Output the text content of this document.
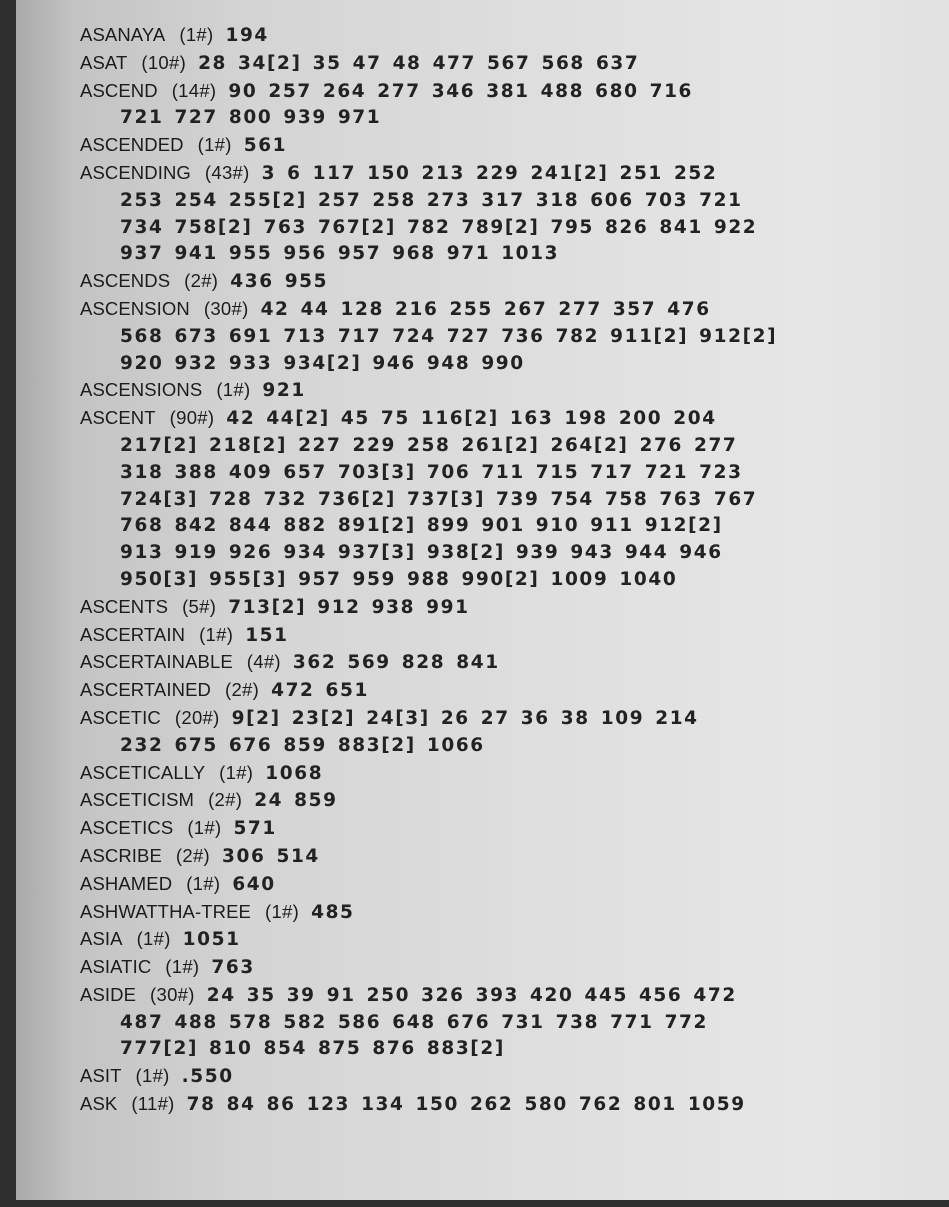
ASANAYA (1#) 194
ASAT (10#) 28 34[2] 35 47 48 477 567 568 637
ASCEND (14#) 90 257 264 277 346 381 488 680 716
721 727 800 939 971
ASCENDED (1#) 561
ASCENDING (43#) 3 6 117 150 213 229 241[2] 251 252
253 254 255[2] 257 258 273 317 318 606 703 721
734 758[2] 763 767[2] 782 789[2] 795 826 841 922
937 941 955 956 957 968 971 1013
ASCENDS (2#) 436 955
ASCENSION (30#) 42 44 128 216 255 267 277 357 476
568 673 691 713 717 724 727 736 782 911[2] 912[2]
920 932 933 934[2] 946 948 990
ASCENSIONS (1#) 921
ASCENT (90#) 42 44[2] 45 75 116[2] 163 198 200 204
217[2] 218[2] 227 229 258 261[2] 264[2] 276 277
318 388 409 657 703[3] 706 711 715 717 721 723
724[3] 728 732 736[2] 737[3] 739 754 758 763 767
768 842 844 882 891[2] 899 901 910 911 912[2]
913 919 926 934 937[3] 938[2] 939 943 944 946
950[3] 955[3] 957 959 988 990[2] 1009 1040
ASCENTS (5#) 713[2] 912 938 991
ASCERTAIN (1#) 151
ASCERTAINABLE (4#) 362 569 828 841
ASCERTAINED (2#) 472 651
ASCETIC (20#) 9[2] 23[2] 24[3] 26 27 36 38 109 214
232 675 676 859 883[2] 1066
ASCETICALLY (1#) 1068
ASCETICISM (2#) 24 859
ASCETICS (1#) 571
ASCRIBE (2#) 306 514
ASHAMED (1#) 640
ASHWATTHA-TREE (1#) 485
ASIA (1#) 1051
ASIATIC (1#) 763
ASIDE (30#) 24 35 39 91 250 326 393 420 445 456 472
487 488 578 582 586 648 676 731 738 771 772
777[2] 810 854 875 876 883[2]
ASIT (1#) .550
ASK (11#) 78 84 86 123 134 150 262 580 762 801 1059
